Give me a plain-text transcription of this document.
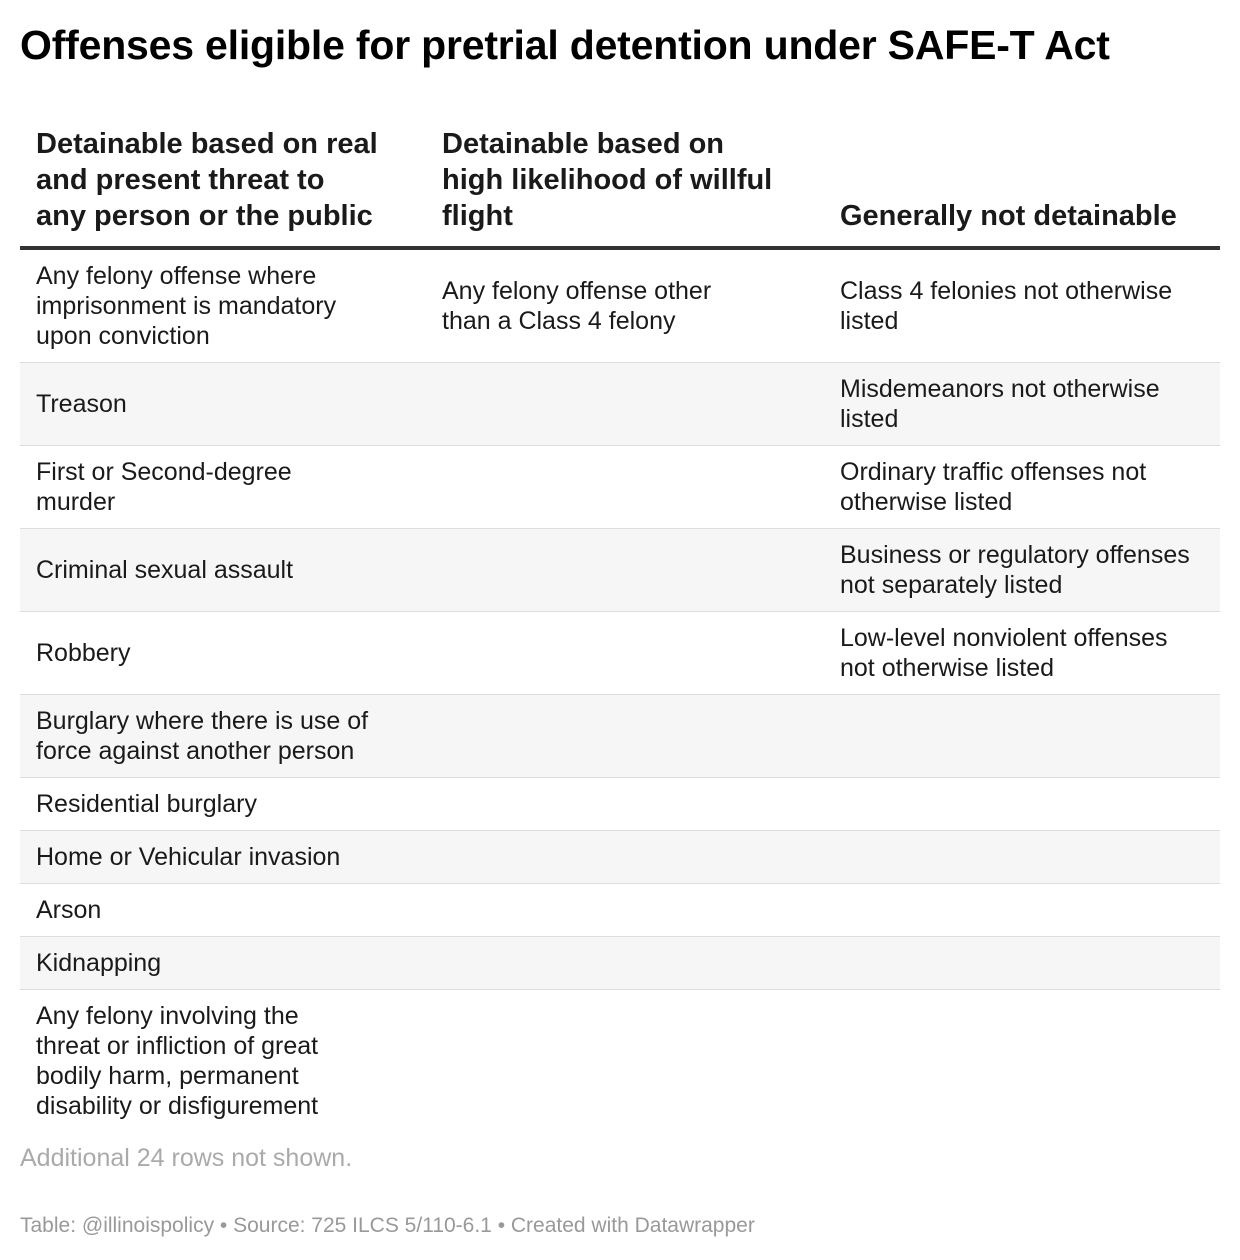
Offenses eligible for pretrial detention under SAFE-T Act
Detainable based on real
and present threat to
any person or the public
Detainable based on
high likelihood of willful
flight	Generally not detainable
Any felony offense where
imprisonment is mandatory
upon conviction
Any felony offense other
than a Class 4 felony
Class 4 felonies not otherwise
listed
Treason
Misdemeanors not otherwise
listed
First or Second-degree
murder
Ordinary traffic offenses not
otherwise listed
Criminal sexual assault
Business or regulatory offenses
not separately listed
Robbery
Low-level nonviolent offenses
not otherwise listed
Burglary where there is use of
force against another person
Residential burglary
Home or Vehicular invasion
Arson
Kidnapping
Any felony involving the
threat or infliction of great
bodily harm, permanent
disability or disfigurement
Additional 24 rows not shown.
Table: @illinoispolicy • Source: 725 ILCS 5/110-6.1 • Created with Datawrapper
